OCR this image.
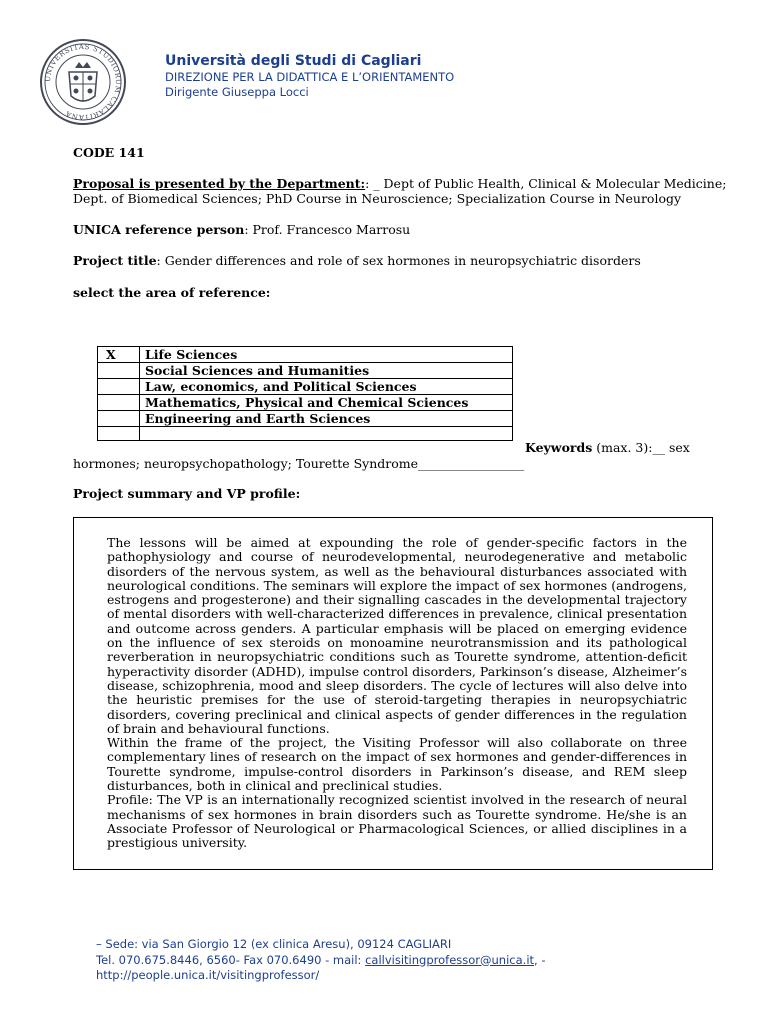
UNIVERSITAS STUDIORUM CALARITANA

Università degli Studi di Cagliari

DIREZIONE PER LA DIDATTICA E L’ORIENTAMENTO

Dirigente Giuseppa Locci

CODE 141
Proposal is presented by the Department:: _ Dept of Public Health, Clinical & Molecular Medicine;
Dept. of Biomedical Sciences; PhD Course in Neuroscience; Specialization Course in Neurology
UNICA reference person: Prof. Francesco Marrosu
Project title: Gender differences and role of sex hormones in neuropsychiatric disorders
select the area of reference:
X	Life Sciences
	Social Sciences and Humanities
	Law, economics, and Political Sciences
	Mathematics, Physical and Chemical Sciences
	Engineering and Earth Sciences

Keywords (max. 3):__ sex
hormones; neuropsychopathology; Tourette Syndrome_________________
Project summary and VP profile:

The lessons will be aimed at expounding the role of gender-specific factors in the pathophysiology and course of neurodevelopmental, neurodegenerative and metabolic disorders of the nervous system, as well as the behavioural disturbances associated with neurological conditions. The seminars will explore the impact of sex hormones (androgens, estrogens and progesterone) and their signalling cascades in the developmental trajectory of mental disorders with well-characterized differences in prevalence, clinical presentation and outcome across genders. A particular emphasis will be placed on emerging evidence on the influence of sex steroids on monoamine neurotransmission and its pathological reverberation in neuropsychiatric conditions such as Tourette syndrome, attention-deficit hyperactivity disorder (ADHD), impulse control disorders, Parkinson’s disease, Alzheimer’s disease, schizophrenia, mood and sleep disorders. The cycle of lectures will also delve into the heuristic premises for the use of steroid-targeting therapies in neuropsychiatric disorders, covering preclinical and clinical aspects of gender differences in the regulation of brain and behavioural functions.

Within the frame of the project, the Visiting Professor will also collaborate on three complementary lines of research on the impact of sex hormones and gender-differences in Tourette syndrome, impulse-control disorders in Parkinson’s disease, and REM sleep disturbances, both in clinical and preclinical studies.

Profile: The VP is an internationally recognized scientist involved in the research of neural mechanisms of sex hormones in brain disorders such as Tourette syndrome. He/she is an Associate Professor of Neurological or Pharmacological Sciences, or allied disciplines in a prestigious university.

– Sede: via San Giorgio 12 (ex clinica Aresu), 09124 CAGLIARI

Tel. 070.675.8446, 6560- Fax 070.6490 - mail: callvisitingprofessor@unica.it, -

http://people.unica.it/visitingprofessor/
